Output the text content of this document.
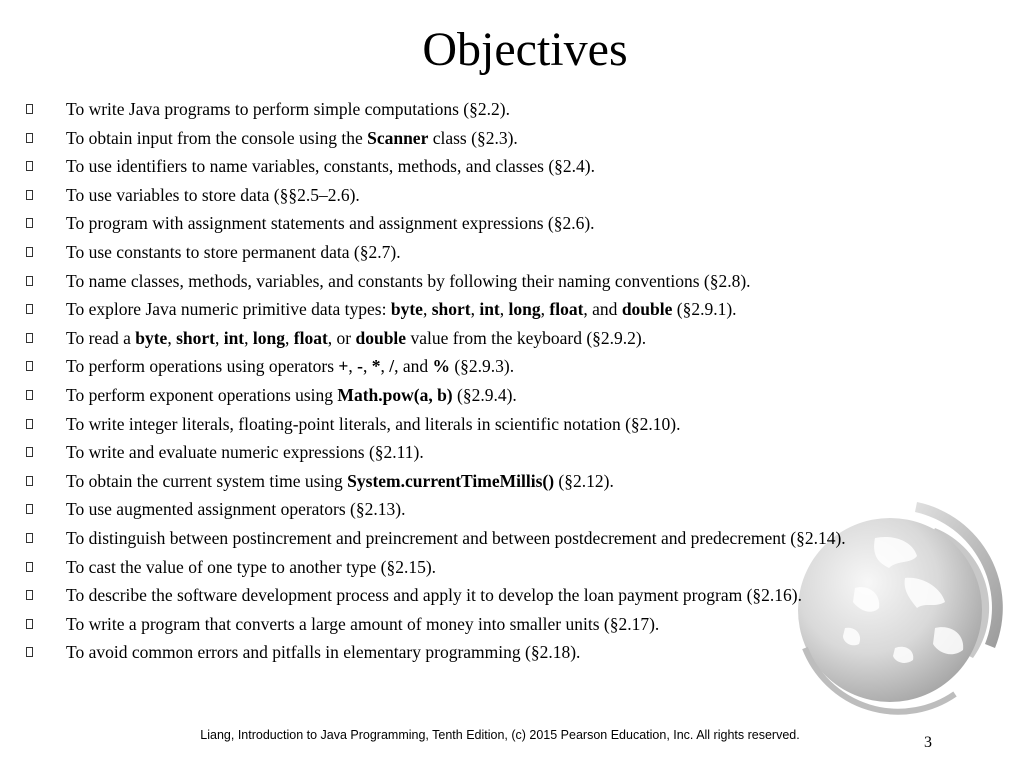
Objectives
To write Java programs to perform simple computations (§2.2).
To obtain input from the console using the Scanner class (§2.3).
To use identifiers to name variables, constants, methods, and classes (§2.4).
To use variables to store data (§§2.5–2.6).
To program with assignment statements and assignment expressions (§2.6).
To use constants to store permanent data (§2.7).
To name classes, methods, variables, and constants by following their naming conventions (§2.8).
To explore Java numeric primitive data types: byte, short, int, long, float, and double (§2.9.1).
To read a byte, short, int, long, float, or double value from the keyboard (§2.9.2).
To perform operations using operators +, -, *, /, and % (§2.9.3).
To perform exponent operations using Math.pow(a, b) (§2.9.4).
To write integer literals, floating-point literals, and literals in scientific notation (§2.10).
To write and evaluate numeric expressions (§2.11).
To obtain the current system time using System.currentTimeMillis() (§2.12).
To use augmented assignment operators (§2.13).
To distinguish between postincrement and preincrement and between postdecrement and predecrement (§2.14).
To cast the value of one type to another type (§2.15).
To describe the software development process and apply it to develop the loan payment program (§2.16).
To write a program that converts a large amount of money into smaller units (§2.17).
To avoid common errors and pitfalls in elementary programming (§2.18).
Liang, Introduction to Java Programming, Tenth Edition, (c) 2015 Pearson Education, Inc. All rights reserved.	3
